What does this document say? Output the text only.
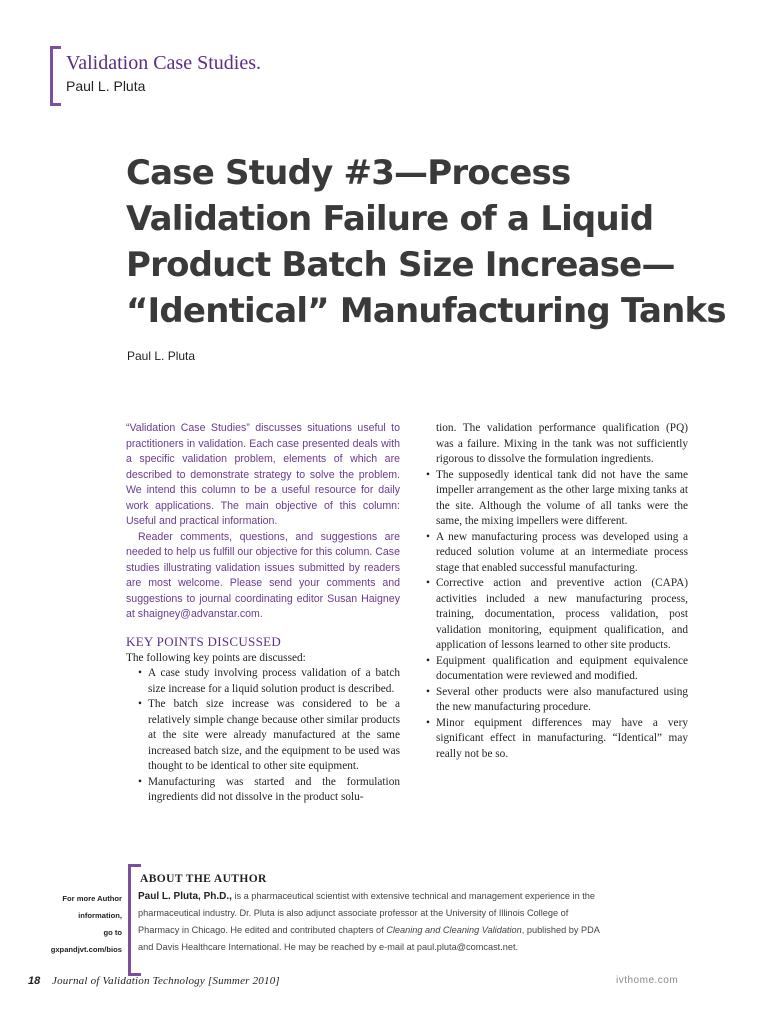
Validation Case Studies.
Paul L. Pluta
Case Study #3—Process
Validation Failure of a Liquid
Product Batch Size Increase—
“Identical” Manufacturing Tanks
Paul L. Pluta

“Validation Case Studies” discusses situations useful to practitioners in validation. Each case presented deals with a specific validation problem, elements of which are described to demonstrate strategy to solve the problem. We intend this column to be a useful resource for daily work applications. The main objective of this column: Useful and practical information.

Reader comments, questions, and suggestions are needed to help us fulfill our objective for this column. Case studies illustrating validation issues submitted by readers are most welcome. Please send your comments and suggestions to journal coordinating editor Susan Haigney at shaigney@advanstar.com.

KEY POINTS DISCUSSED

The following key points are discussed:

• A case study involving process validation of a batch size increase for a liquid solution product is described.
• The batch size increase was considered to be a relatively simple change because other similar products at the site were already manufactured at the same increased batch size, and the equipment to be used was thought to be identical to other site equipment.
• Manufacturing was started and the formulation ingredients did not dissolve in the product solu-

tion. The validation performance qualification (PQ) was a failure. Mixing in the tank was not sufficiently rigorous to dissolve the formulation ingredients.

• The supposedly identical tank did not have the same impeller arrangement as the other large mixing tanks at the site. Although the volume of all tanks were the same, the mixing impellers were different.
• A new manufacturing process was developed using a reduced solution volume at an intermediate process stage that enabled successful manufacturing.
• Corrective action and preventive action (CAPA) activities included a new manufacturing process, training, documentation, process validation, post validation monitoring, equipment qualification, and application of lessons learned to other site products.
• Equipment qualification and equipment equivalence documentation were reviewed and modified.
• Several other products were also manufactured using the new manufacturing procedure.
• Minor equipment differences may have a very significant effect in manufacturing. “Identical” may really not be so.
ABOUT THE AUTHOR
Paul L. Pluta, Ph.D., is a pharmaceutical scientist with extensive technical and management experience in the pharmaceutical industry. Dr. Pluta is also adjunct associate professor at the University of Illinois College of Pharmacy in Chicago. He edited and contributed chapters of Cleaning and Cleaning Validation, published by PDA and Davis Healthcare International. He may be reached by e-mail at paul.pluta@comcast.net.
For more Author
information,
go to
gxpandjvt.com/bios
18 Journal of Validation Technology [Summer 2010]	ivthome.com
